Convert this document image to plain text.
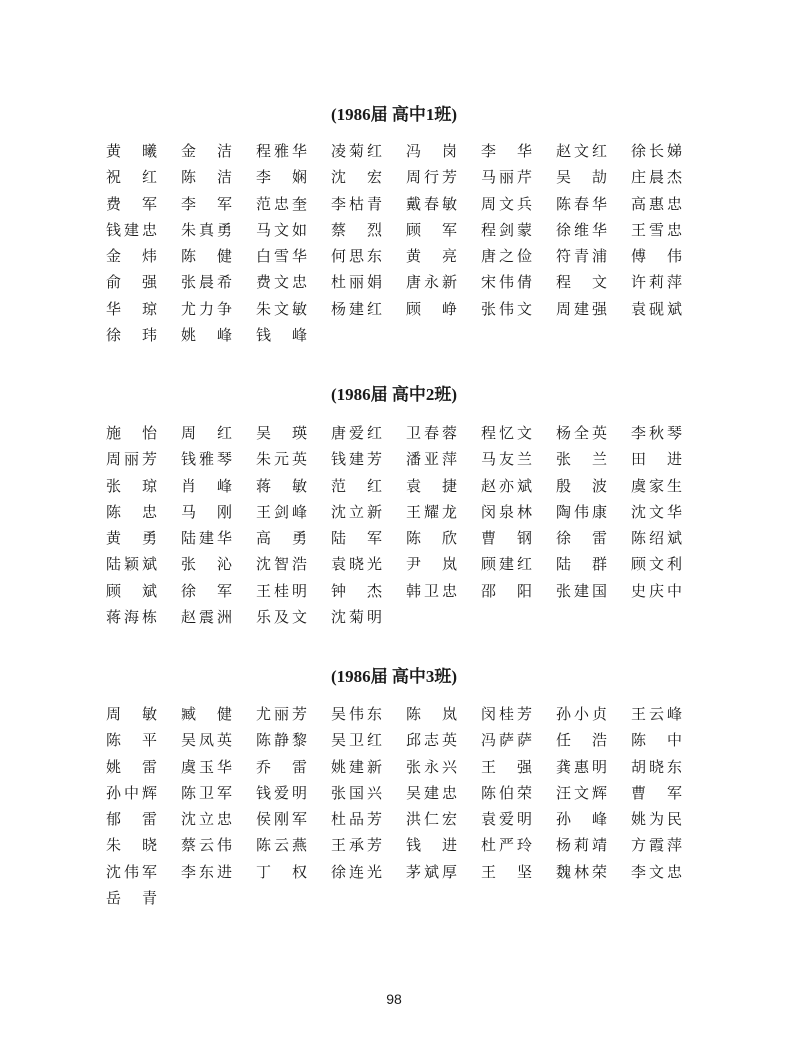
(1986届 高中1班)
黄曦	金洁	程雅华	凌菊红	冯岗	李华	赵文红	徐长娣
祝红	陈洁	李娴	沈宏	周行芳	马丽芹	吴劼	庄晨杰
费军	李军	范忠奎	李枯青	戴春敏	周文兵	陈春华	高惠忠
钱建忠	朱真勇	马文如	蔡烈	顾军	程剑蒙	徐维华	王雪忠
金炜	陈健	白雪华	何思东	黄亮	唐之俭	符青浦	傅伟
俞强	张晨希	费文忠	杜丽娟	唐永新	宋伟倩	程文	许莉萍
华琼	尤力争	朱文敏	杨建红	顾峥	张伟文	周建强	袁砚斌
徐玮	姚峰	钱峰
(1986届 高中2班)
施怡	周红	吴瑛	唐爱红	卫春蓉	程忆文	杨全英	李秋琴
周丽芳	钱雅琴	朱元英	钱建芳	潘亚萍	马友兰	张兰	田进
张琼	肖峰	蒋敏	范红	袁捷	赵亦斌	殷波	虞家生
陈忠	马刚	王剑峰	沈立新	王耀龙	闵泉林	陶伟康	沈文华
黄勇	陆建华	高勇	陆军	陈欣	曹钢	徐雷	陈绍斌
陆颖斌	张沁	沈智浩	袁晓光	尹岚	顾建红	陆群	顾文利
顾斌	徐军	王桂明	钟杰	韩卫忠	邵阳	张建国	史庆中
蒋海栋	赵震洲	乐及文	沈菊明
(1986届 高中3班)
周敏	臧健	尤丽芳	吴伟东	陈岚	闵桂芳	孙小贞	王云峰
陈平	吴凤英	陈静黎	吴卫红	邱志英	冯萨萨	任浩	陈中
姚雷	虞玉华	乔雷	姚建新	张永兴	王强	龚惠明	胡晓东
孙中辉	陈卫军	钱爱明	张国兴	吴建忠	陈伯荣	汪文辉	曹军
郁雷	沈立忠	侯刚军	杜品芳	洪仁宏	袁爱明	孙峰	姚为民
朱晓	蔡云伟	陈云燕	王承芳	钱进	杜严玲	杨莉靖	方霞萍
沈伟军	李东进	丁权	徐连光	茅斌厚	王坚	魏林荣	李文忠
岳青
98
